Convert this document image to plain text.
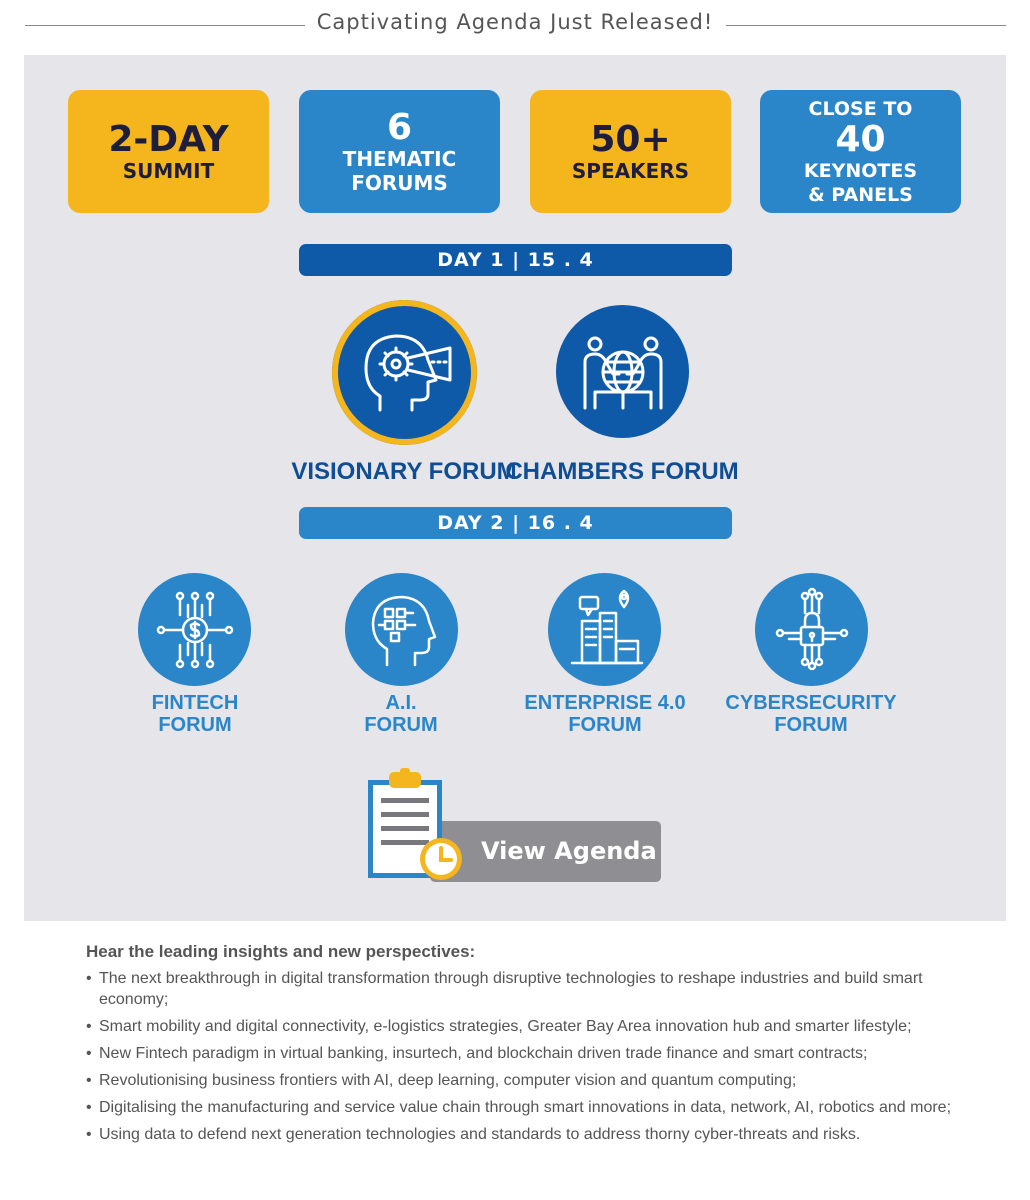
Captivating Agenda Just Released!
2-DAY
SUMMIT
6
THEMATIC
FORUMS
50+
SPEAKERS
CLOSE TO
40
KEYNOTES
& PANELS
DAY 1 | 15 . 4
VISIONARY FORUM
CHAMBERS FORUM
DAY 2 | 16 . 4
FINTECH
FORUM
A.I.
FORUM
ENTERPRISE 4.0
FORUM
CYBERSECURITY
FORUM
View Agenda
Hear the leading insights and new perspectives:
• The next breakthrough in digital transformation through disruptive technologies to reshape industries and build smart economy;
• Smart mobility and digital connectivity, e-logistics strategies, Greater Bay Area innovation hub and smarter lifestyle;
• New Fintech paradigm in virtual banking, insurtech, and blockchain driven trade finance and smart contracts;
• Revolutionising business frontiers with AI, deep learning, computer vision and quantum computing;
• Digitalising the manufacturing and service value chain through smart innovations in data, network, AI, robotics and more;
• Using data to defend next generation technologies and standards to address thorny cyber-threats and risks.
